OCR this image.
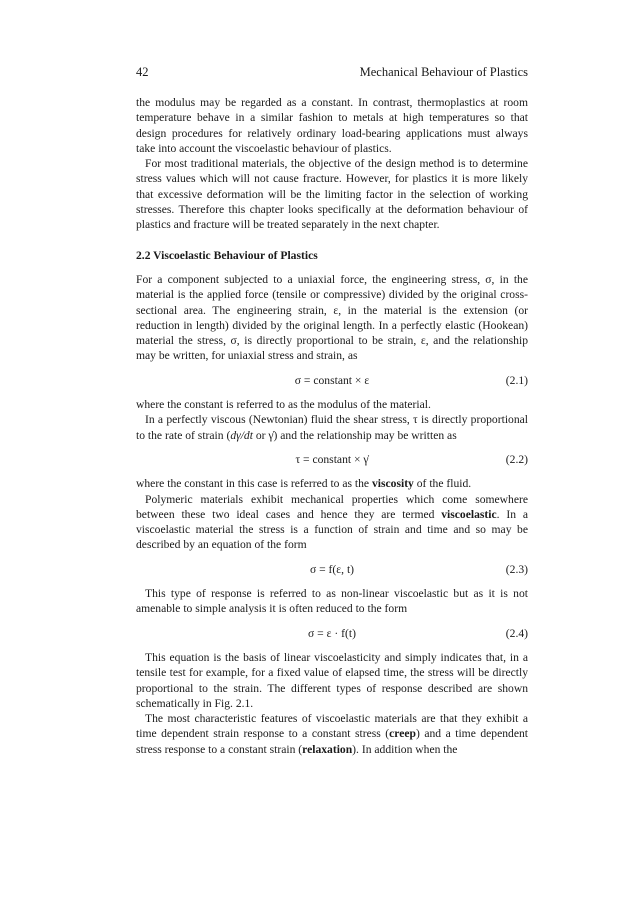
42	Mechanical Behaviour of Plastics

the modulus may be regarded as a constant. In contrast, thermoplastics at room temperature behave in a similar fashion to metals at high temperatures so that design procedures for relatively ordinary load-bearing applications must always take into account the viscoelastic behaviour of plastics.

For most traditional materials, the objective of the design method is to determine stress values which will not cause fracture. However, for plastics it is more likely that excessive deformation will be the limiting factor in the selection of working stresses. Therefore this chapter looks specifically at the deformation behaviour of plastics and fracture will be treated separately in the next chapter.

2.2 Viscoelastic Behaviour of Plastics

For a component subjected to a uniaxial force, the engineering stress, σ, in the material is the applied force (tensile or compressive) divided by the original cross-sectional area. The engineering strain, ε, in the material is the extension (or reduction in length) divided by the original length. In a perfectly elastic (Hookean) material the stress, σ, is directly proportional to be strain, ε, and the relationship may be written, for uniaxial stress and strain, as

σ = constant × ε	(2.1)

where the constant is referred to as the modulus of the material.

In a perfectly viscous (Newtonian) fluid the shear stress, τ is directly proportional to the rate of strain (dγ/dt or γ̇) and the relationship may be written as

τ = constant × γ̇	(2.2)

where the constant in this case is referred to as the viscosity of the fluid.

Polymeric materials exhibit mechanical properties which come somewhere between these two ideal cases and hence they are termed viscoelastic. In a viscoelastic material the stress is a function of strain and time and so may be described by an equation of the form

σ = f(ε, t)	(2.3)

This type of response is referred to as non-linear viscoelastic but as it is not amenable to simple analysis it is often reduced to the form

σ = ε · f(t)	(2.4)

This equation is the basis of linear viscoelasticity and simply indicates that, in a tensile test for example, for a fixed value of elapsed time, the stress will be directly proportional to the strain. The different types of response described are shown schematically in Fig. 2.1.

The most characteristic features of viscoelastic materials are that they exhibit a time dependent strain response to a constant stress (creep) and a time dependent stress response to a constant strain (relaxation). In addition when the
